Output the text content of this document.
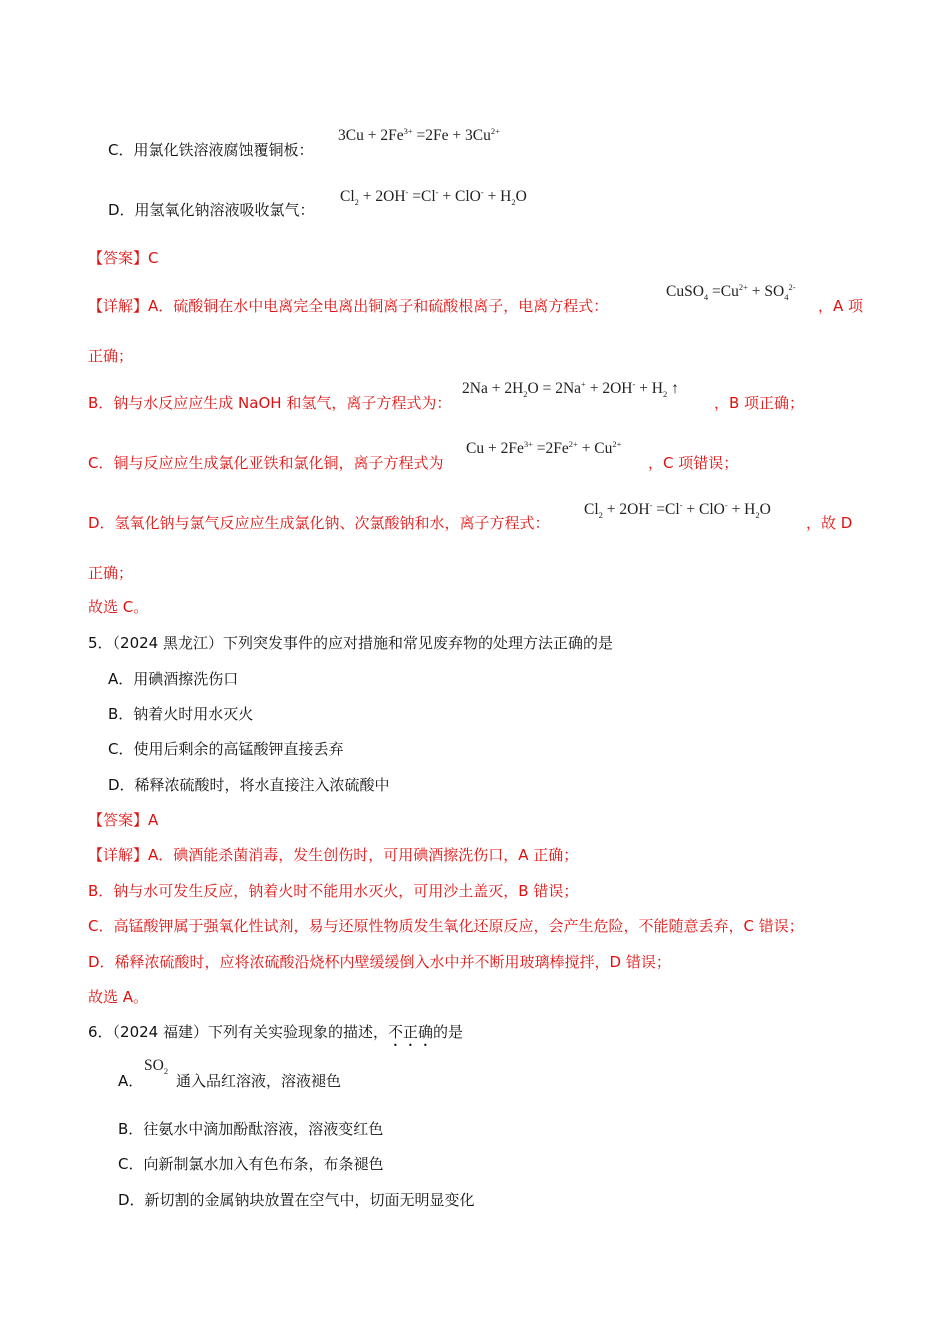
C．用氯化铁溶液腐蚀覆铜板：
$3Cu + 2Fe^{3+} =2Fe + 3Cu^{2+}$
D．用氢氧化钠溶液吸收氯气：
$Cl_2 + 2OH^- =Cl^- + ClO^- + H_2O$
【答案】C
【详解】A．硫酸铜在水中电离完全电离出铜离子和硫酸根离子，电离方程式：
CuSO$_4$ $=Cu^{2+} + SO_4^{2-}$
，A 项
正确；
B．钠与水反应应生成 NaOH 和氢气，离子方程式为：
$2Na + 2H_2O = 2Na^+ + 2OH^- + H_2$ ↑
，B 项正确；
C．铜与反应应生成氯化亚铁和氯化铜，离子方程式为
$Cu + 2Fe^{3+} =2Fe^{2+} + Cu^{2+}$
，C 项错误；
D．氢氧化钠与氯气反应应生成氯化钠、次氯酸钠和水，离子方程式：
$Cl_2 + 2OH^- =Cl^- + ClO^- + H_2O$
，故 D
正确；
故选 C。
5．（2024 黑龙江）下列突发事件的应对措施和常见废弃物的处理方法正确的是
A．用碘酒擦洗伤口
B．钠着火时用水灭火
C．使用后剩余的高锰酸钾直接丢弃
D．稀释浓硫酸时，将水直接注入浓硫酸中
【答案】A
【详解】A．碘酒能杀菌消毒，发生创伤时，可用碘酒擦洗伤口，A 正确；
B．钠与水可发生反应，钠着火时不能用水灭火，可用沙土盖灭，B 错误；
C．高锰酸钾属于强氧化性试剂，易与还原性物质发生氧化还原反应，会产生危险，不能随意丢弃，C 错误；
D．稀释浓硫酸时，应将浓硫酸沿烧杯内壁缓缓倒入水中并不断用玻璃棒搅拌，D 错误；
故选 A。
6．（2024 福建）下列有关实验现象的描述，不正确的是
A．
$SO_2$
通入品红溶液，溶液褪色
B．往氨水中滴加酚酞溶液，溶液变红色
C．向新制氯水加入有色布条，布条褪色
D．新切割的金属钠块放置在空气中，切面无明显变化
